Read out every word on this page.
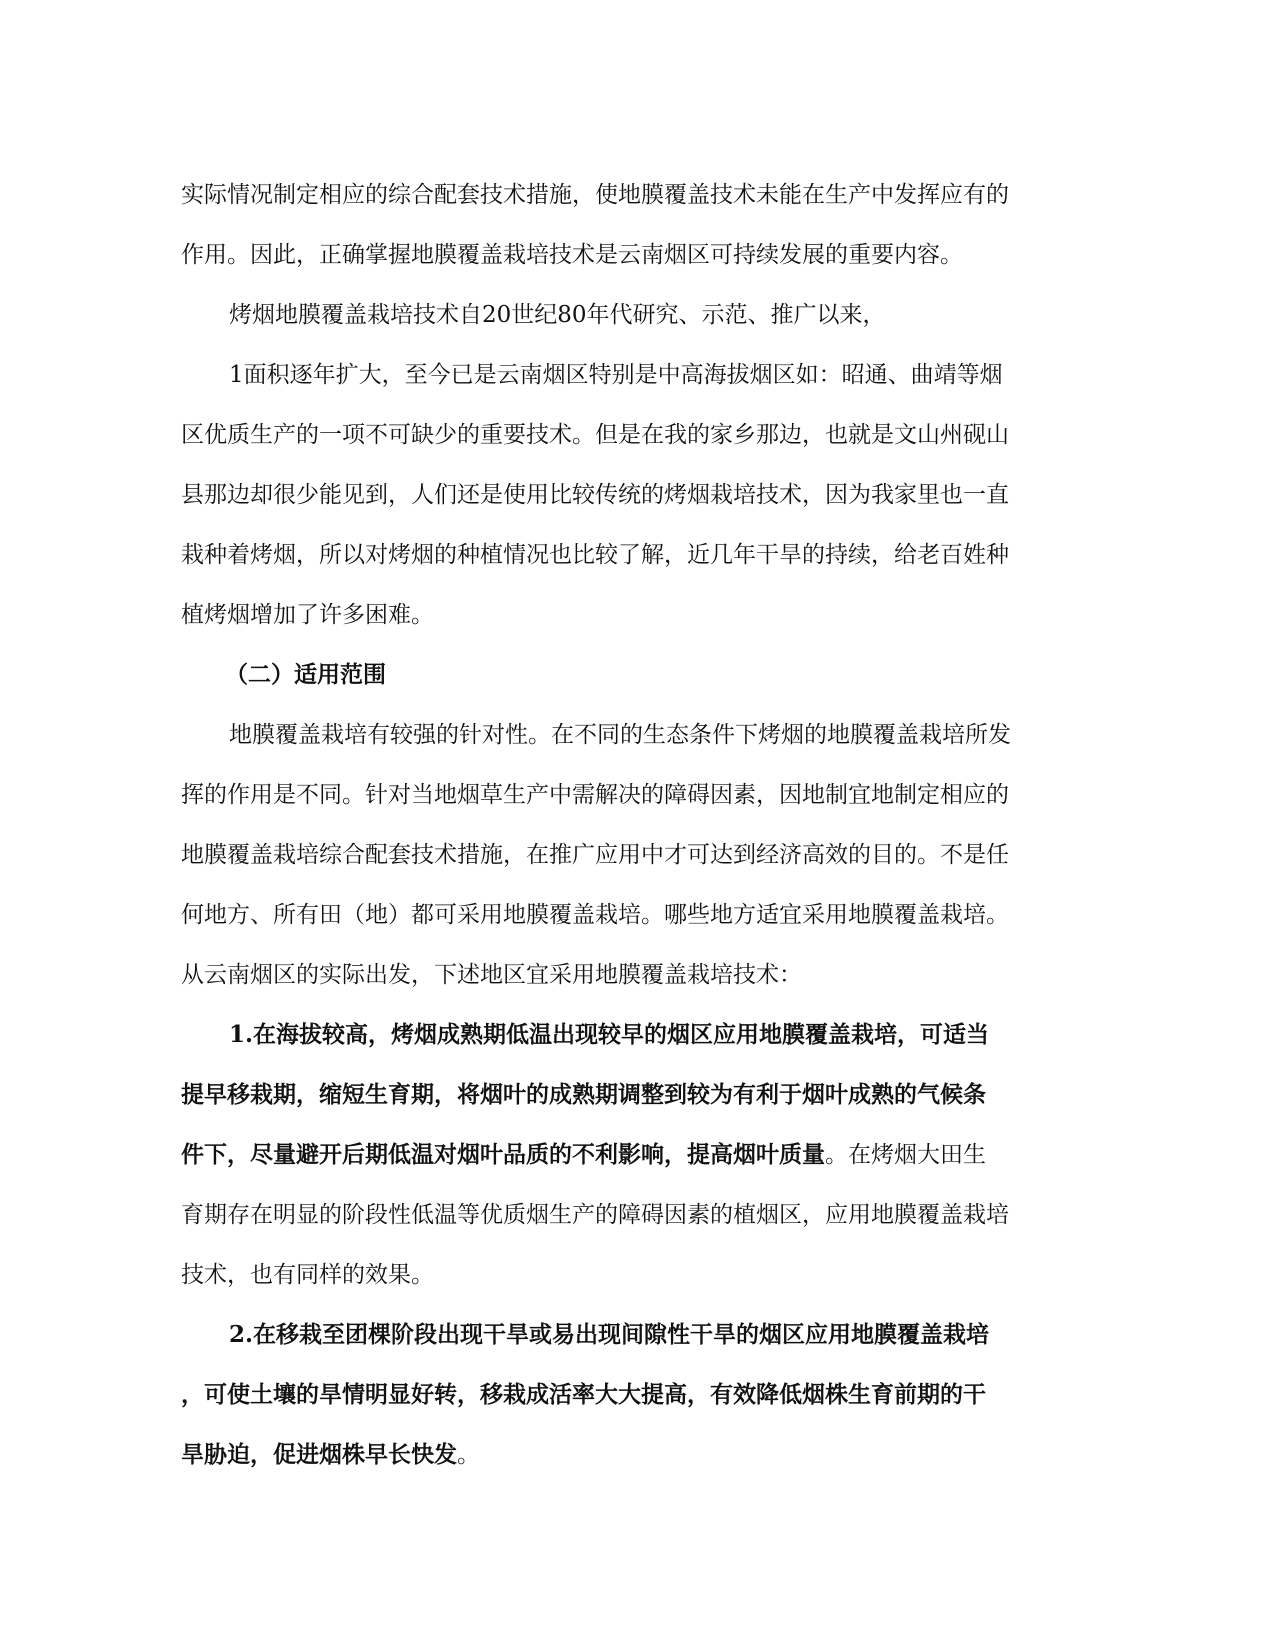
实际情况制定相应的综合配套技术措施，使地膜覆盖技术未能在生产中发挥应有的
作用。因此，正确掌握地膜覆盖栽培技术是云南烟区可持续发展的重要内容。
烤烟地膜覆盖栽培技术自20世纪80年代研究、示范、推广以来，
1面积逐年扩大，至今已是云南烟区特别是中高海拔烟区如：昭通、曲靖等烟
区优质生产的一项不可缺少的重要技术。但是在我的家乡那边，也就是文山州砚山
县那边却很少能见到，人们还是使用比较传统的烤烟栽培技术，因为我家里也一直
栽种着烤烟，所以对烤烟的种植情况也比较了解，近几年干旱的持续，给老百姓种
植烤烟增加了许多困难。
（二）适用范围
地膜覆盖栽培有较强的针对性。在不同的生态条件下烤烟的地膜覆盖栽培所发
挥的作用是不同。针对当地烟草生产中需解决的障碍因素，因地制宜地制定相应的
地膜覆盖栽培综合配套技术措施，在推广应用中才可达到经济高效的目的。不是任
何地方、所有田（地）都可采用地膜覆盖栽培。哪些地方适宜采用地膜覆盖栽培。
从云南烟区的实际出发，下述地区宜采用地膜覆盖栽培技术：
1.在海拔较高，烤烟成熟期低温出现较早的烟区应用地膜覆盖栽培，可适当
提早移栽期，缩短生育期，将烟叶的成熟期调整到较为有利于烟叶成熟的气候条
件下，尽量避开后期低温对烟叶品质的不利影响，提高烟叶质量。在烤烟大田生
育期存在明显的阶段性低温等优质烟生产的障碍因素的植烟区，应用地膜覆盖栽培
技术，也有同样的效果。
2.在移栽至团棵阶段出现干旱或易出现间隙性干旱的烟区应用地膜覆盖栽培
，可使土壤的旱情明显好转，移栽成活率大大提高，有效降低烟株生育前期的干
旱胁迫，促进烟株早长快发。
